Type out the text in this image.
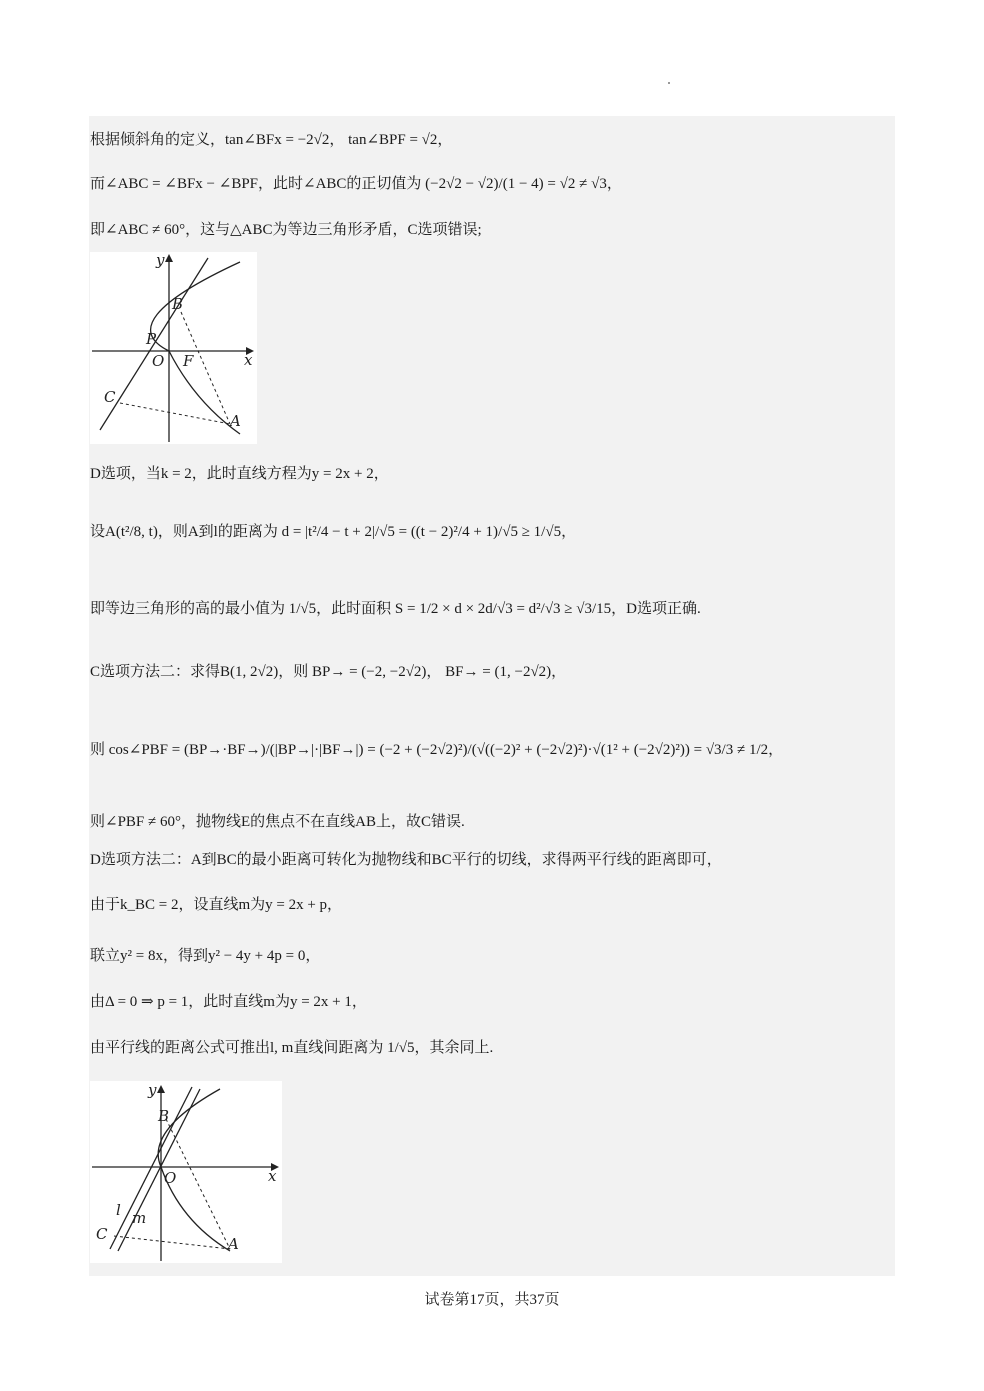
根据倾斜角的定义，tan∠BFx = −2√2， tan∠BPF = √2，
而∠ABC = ∠BFx − ∠BPF，此时∠ABC的正切值为 (−2√2 − √2)/(1 − 4) = √2 ≠ √3，
即∠ABC ≠ 60°，这与△ABC为等边三角形矛盾，C选项错误;
y
x
B
P
O F
C
A
D选项，当k = 2，此时直线方程为y = 2x + 2，
设A(t²/8, t)，则A到l的距离为 d = |t²/4 − t + 2|/√5 = ((t − 2)²/4 + 1)/√5 ≥ 1/√5，
即等边三角形的高的最小值为 1/√5，此时面积 S = 1/2 × d × 2d/√3 = d²/√3 ≥ √3/15，D选项正确.
C选项方法二：求得B(1, 2√2)，则 BP→ = (−2, −2√2)， BF→ = (1, −2√2)，
则 cos∠PBF = (BP→·BF→)/(|BP→|·|BF→|) = (−2 + (−2√2)²)/(√((−2)² + (−2√2)²)·√(1² + (−2√2)²)) = √3/3 ≠ 1/2，
则∠PBF ≠ 60°，抛物线E的焦点不在直线AB上，故C错误.
D选项方法二：A到BC的最小距离可转化为抛物线和BC平行的切线，求得两平行线的距离即可，
由于k_BC = 2，设直线m为y = 2x + p，
联立y² = 8x，得到y² − 4y + 4p = 0，
由Δ = 0 ⇒ p = 1，此时直线m为y = 2x + 1，
由平行线的距离公式可推出l, m直线间距离为 1/√5，其余同上.
y
x
B
O
l m
C
A
试卷第17页，共37页
